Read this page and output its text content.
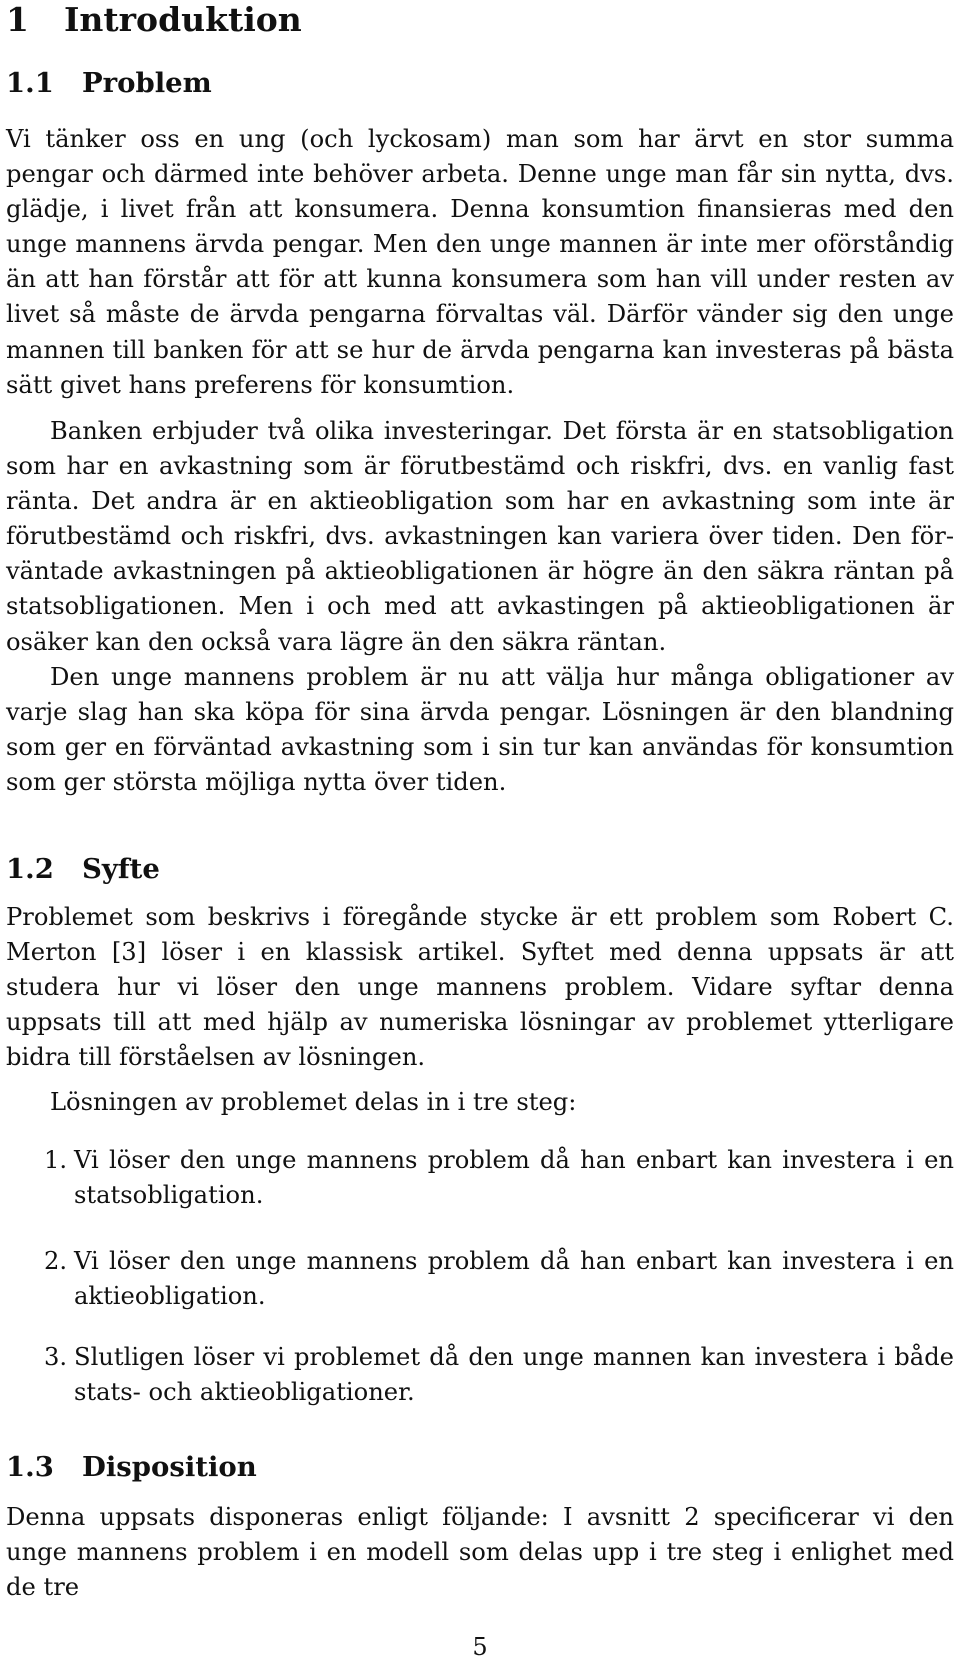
1 Introduktion
1.1 Problem

Vi tänker oss en ung (och lyckosam) man som har ärvt en stor summa pengar och därmed inte behöver arbeta. Denne unge man får sin nytta, dvs. glädje, i livet från att konsumera. Denna konsumtion finansieras med den unge mannens ärvda pengar. Men den unge mannen är inte mer oförståndig än att han förstår att för att kunna konsumera som han vill under resten av livet så måste de ärvda pengarna förvaltas väl. Därför vänder sig den unge mannen till banken för att se hur de ärvda pengarna kan investeras på bästa sätt givet hans preferens för konsumtion.

Banken erbjuder två olika investeringar. Det första är en statsobligation som har en avkastning som är förutbestämd och riskfri, dvs. en vanlig fast ränta. Det andra är en aktieobligation som har en avkastning som inte är förutbestämd och riskfri, dvs. avkastningen kan variera över tiden. Den förväntade avkastningen på aktieobligationen är högre än den säkra räntan på statsobligationen. Men i och med att avkastingen på aktieobligationen är osäker kan den också vara lägre än den säkra räntan.

Den unge mannens problem är nu att välja hur många obligationer av varje slag han ska köpa för sina ärvda pengar. Lösningen är den blandning som ger en förväntad avkastning som i sin tur kan användas för konsumtion som ger största möjliga nytta över tiden.

1.2 Syfte

Problemet som beskrivs i föregånde stycke är ett problem som Robert C. Merton [3] löser i en klassisk artikel. Syftet med denna uppsats är att studera hur vi löser den unge mannens problem. Vidare syftar denna uppsats till att med hjälp av numeriska lösningar av problemet ytterligare bidra till förståelsen av lösningen.

Lösningen av problemet delas in i tre steg:

1. Vi löser den unge mannens problem då han enbart kan investera i en statsobligation.

2. Vi löser den unge mannens problem då han enbart kan investera i en aktieobligation.

3. Slutligen löser vi problemet då den unge mannen kan investera i både stats- och aktieobligationer.

1.3 Disposition

Denna uppsats disponeras enligt följande: I avsnitt 2 specificerar vi den unge mannens problem i en modell som delas upp i tre steg i enlighet med de tre

5
